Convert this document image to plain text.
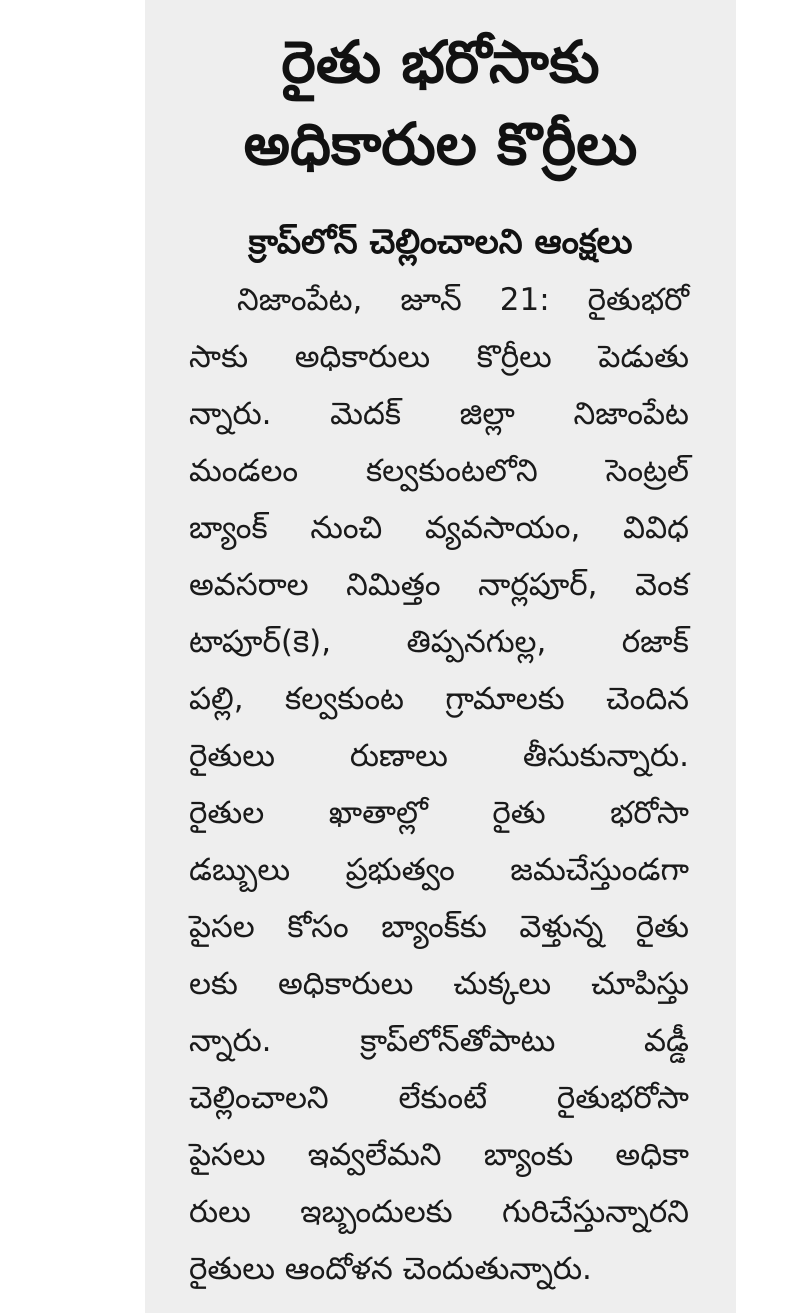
రైతు భరోసాకు
అధికారుల కొర్రీలు
క్రాప్‌లోన్ చెల్లించాలని ఆంక్షలు
నిజాంపేట, జూన్ 21: రైతుభరో
సాకు అధికారులు కొర్రీలు పెడుతు
న్నారు. మెదక్ జిల్లా నిజాంపేట
మండలం కల్వకుంటలోని సెంట్రల్
బ్యాంక్ నుంచి వ్యవసాయం, వివిధ
అవసరాల నిమిత్తం నార్లపూర్, వెంక
టాపూర్(కె), తిప్పనగుల్ల, రజాక్
పల్లి, కల్వకుంట గ్రామాలకు చెందిన
రైతులు రుణాలు తీసుకున్నారు.
రైతుల ఖాతాల్లో రైతు భరోసా
డబ్బులు ప్రభుత్వం జమచేస్తుండగా
పైసల కోసం బ్యాంక్‌కు వెళ్తున్న రైతు
లకు అధికారులు చుక్కలు చూపిస్తు
న్నారు. క్రాప్‌లోన్‌తోపాటు వడ్డీ
చెల్లించాలని లేకుంటే రైతుభరోసా
పైసలు ఇవ్వలేమని బ్యాంకు అధికా
రులు ఇబ్బందులకు గురిచేస్తున్నారని
రైతులు ఆందోళన చెందుతున్నారు.
